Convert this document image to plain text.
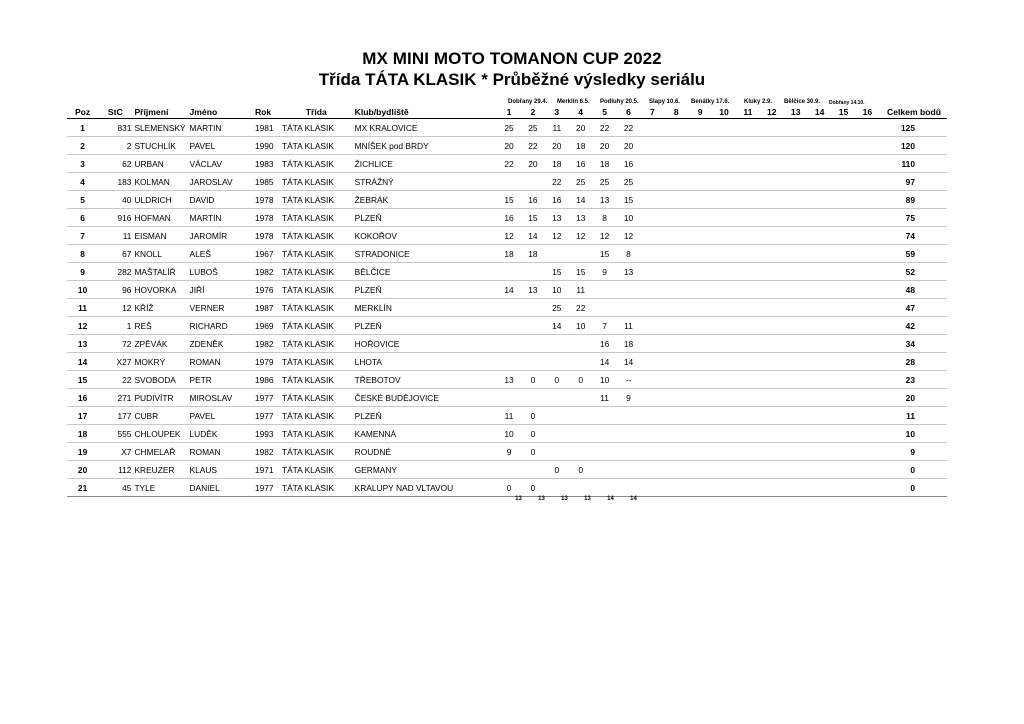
MX MINI MOTO TOMANON CUP 2022
Třída TÁTA KLASIK * Průběžné výsledky seriálu
Dobřany 29.4. Merklín 6.5. Podluhy 20.5. Slapy 10.6. Benátky 17.6. Kluky 2.9. Bělčice 30.9. Dobřany 14.10.
Poz	StC	Příjmení	Jméno	Rok	Třída	Klub/bydliště	1	2	3	4	5	6	7	8	9	10	11	12	13	14	15	16	Celkem bodů
1	831	SLEMENSKÝ	MARTIN	1981	TÁTA KLASIK	MX KRALOVICE	25	25	11	20	22	22											125
2	2	STUCHLÍK	PAVEL	1990	TÁTA KLASIK	MNÍŠEK pod BRDY	20	22	20	18	20	20											120
3	62	URBAN	VÁCLAV	1983	TÁTA KLASIK	ŽICHLICE	22	20	18	16	18	16											110
4	183	KOLMAN	JAROSLAV	1985	TÁTA KLASIK	STRÁŽNÝ			22	25	25	25											97
5	40	ULDRICH	DAVID	1978	TÁTA KLASIK	ŽEBRÁK	15	16	16	14	13	15											89
6	916	HOFMAN	MARTIN	1978	TÁTA KLASIK	PLZEŇ	16	15	13	13	8	10											75
7	11	EISMAN	JAROMÍR	1978	TÁTA KLASIK	KOKOŘOV	12	14	12	12	12	12											74
8	67	KNOLL	ALEŠ	1967	TÁTA KLASIK	STRADONICE	18	18			15	8											59
9	282	MAŠTALÍŘ	LUBOŠ	1982	TÁTA KLASIK	BĚLČICE			15	15	9	13											52
10	96	HOVORKA	JIŘÍ	1976	TÁTA KLASIK	PLZEŇ	14	13	10	11													48
11	12	KŘÍŽ	VERNER	1987	TÁTA KLASIK	MERKLÍN			25	22													47
12	1	REŠ	RICHARD	1969	TÁTA KLASIK	PLZEŇ			14	10	7	11											42
13	72	ZPĚVÁK	ZDENĚK	1982	TÁTA KLASIK	HOŘOVICE					16	18											34
14	X27	MOKRÝ	ROMAN	1979	TÁTA KLASIK	LHOTA					14	14											28
15	22	SVOBODA	PETR	1986	TÁTA KLASIK	TŘEBOTOV	13	0	0	0	10	--											23
16	271	PUDIVÍTR	MIROSLAV	1977	TÁTA KLASIK	ČESKÉ BUDĚJOVICE					11	9											20
17	177	CUBR	PAVEL	1977	TÁTA KLASIK	PLZEŇ	11	0															11
18	555	CHLOUPEK	LUDĚK	1993	TÁTA KLASIK	KAMENNÁ	10	0															10
19	X7	CHMELAŘ	ROMAN	1982	TÁTA KLASIK	ROUDNÉ	9	0															9
20	112	KREUZER	KLAUS	1971	TÁTA KLASIK	GERMANY			0	0													0
21	45	TYLE	DANIEL	1977	TÁTA KLASIK	KRALUPY NAD VLTAVOU	0	0															0
13	13	13	13	14	14
